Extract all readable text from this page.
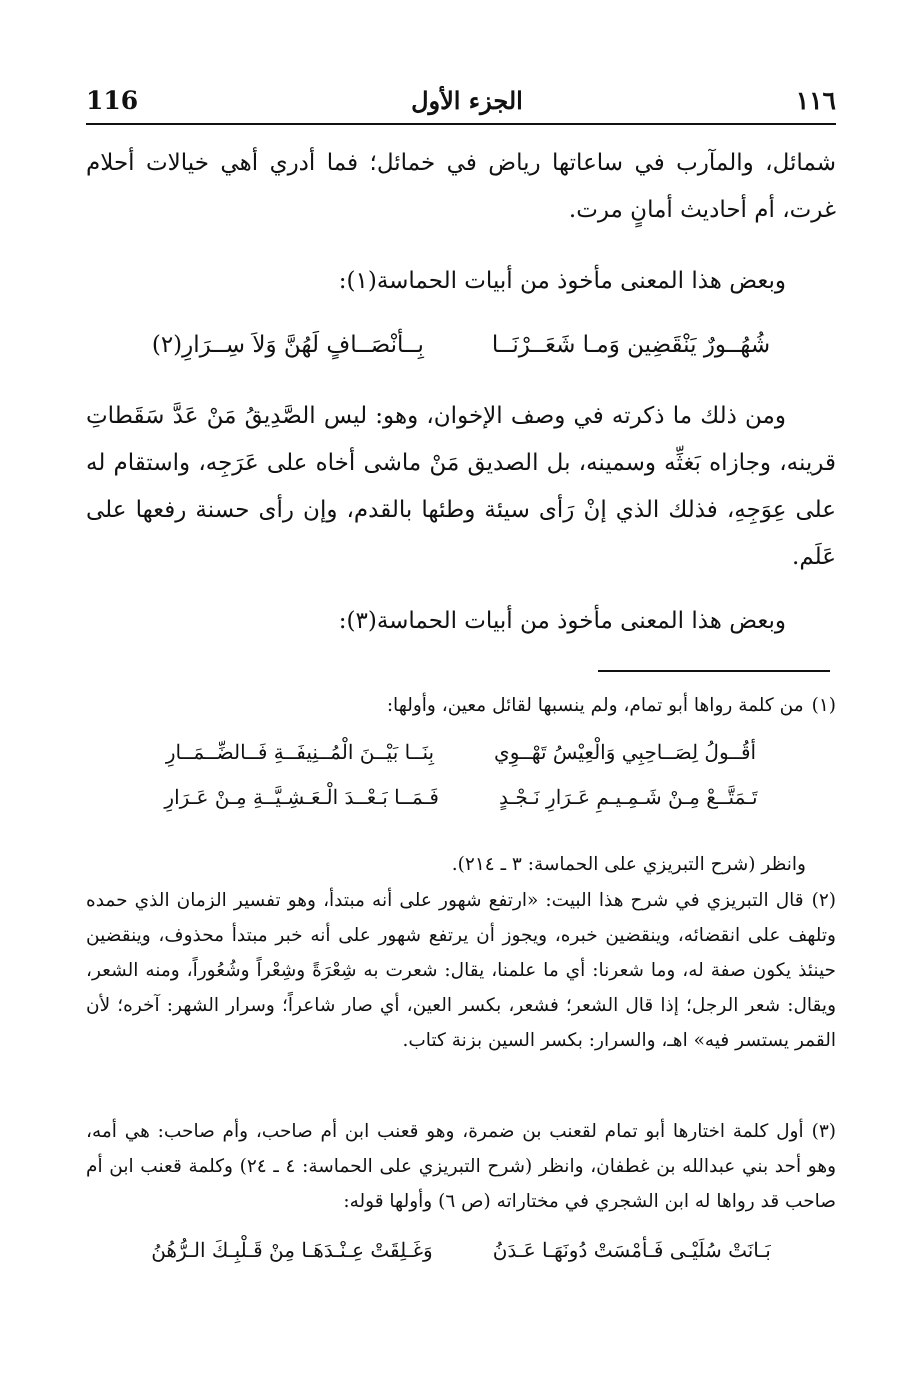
116	الجزء الأول	١١٦
شمائل، والمآرب في ساعاتها رياض في خمائل؛ فما أدري أهي خيالات أحلام غرت، أم أحاديث أمانٍ مرت.
وبعض هذا المعنى مأخوذ من أبيات الحماسة(١):
شُهُــورٌ يَنْقَضِين وَمـا شَعَــرْنَــا
بِــأنْصَــافٍ لَهُنَّ وَلاَ سِــرَارِ(٢)
ومن ذلك ما ذكرته في وصف الإخوان، وهو: ليس الصَّدِيقُ مَنْ عَدَّ سَقَطاتِ قرينه، وجازاه بَغثِّه وسمينه، بل الصديق مَنْ ماشى أخاه على عَرَجِه، واستقام له على عِوَجِهِ، فذلك الذي إنْ رَأى سيئة وطئها بالقدم، وإن رأى حسنة رفعها على عَلَم.
وبعض هذا المعنى مأخوذ من أبيات الحماسة(٣):
(١)من كلمة رواها أبو تمام، ولم ينسبها لقائل معين، وأولها:
أقُــولُ لِصَــاحِبِي وَالْعِيْسُ تَهْــوِي
بِنَــا بَيْــنَ الْمُــنِيفَــةِ فَــالضِّــمَــارِ
تَـمَتَّــعْ مِـنْ شَـمِـيـمِ عَـرَارِ نَـجْـدٍ
فَـمَــا بَـعْــدَ الْـعَـشِـيَّــةِ مِـنْ عَـرَارِ
وانظر (شرح التبريزي على الحماسة: ٣ ـ ٢١٤).
(٢)قال التبريزي في شرح هذا البيت: «ارتفع شهور على أنه مبتدأ، وهو تفسير الزمان الذي حمده وتلهف على انقضائه، وينقضين خبره، ويجوز أن يرتفع شهور على أنه خبر مبتدأ محذوف، وينقضين حينئذ يكون صفة له، وما شعرنا: أي ما علمنا، يقال: شعرت به شِعْرَةً وشِعْراً وشُعُوراً، ومنه الشعر، ويقال: شعر الرجل؛ إذا قال الشعر؛ فشعر، بكسر العين، أي صار شاعراً؛ وسرار الشهر: آخره؛ لأن القمر يستسر فيه» اهـ، والسرار: بكسر السين بزنة كتاب.
(٣)أول كلمة اختارها أبو تمام لقعنب بن ضمرة، وهو قعنب ابن أم صاحب، وأم صاحب: هي أمه، وهو أحد بني عبدالله بن غطفان، وانظر (شرح التبريزي على الحماسة: ٤ ـ ٢٤) وكلمة قعنب ابن أم صاحب قد رواها له ابن الشجري في مختاراته (ص ٦) وأولها قوله:
بَـانَتْ سُلَيْـى فَـأمْسَتْ دُونَهَـا عَـدَنُ
وَغَـلِقَتْ عِـنْـدَهَـا مِنْ قَـلْبِـكَ الـرُّهُنُ
